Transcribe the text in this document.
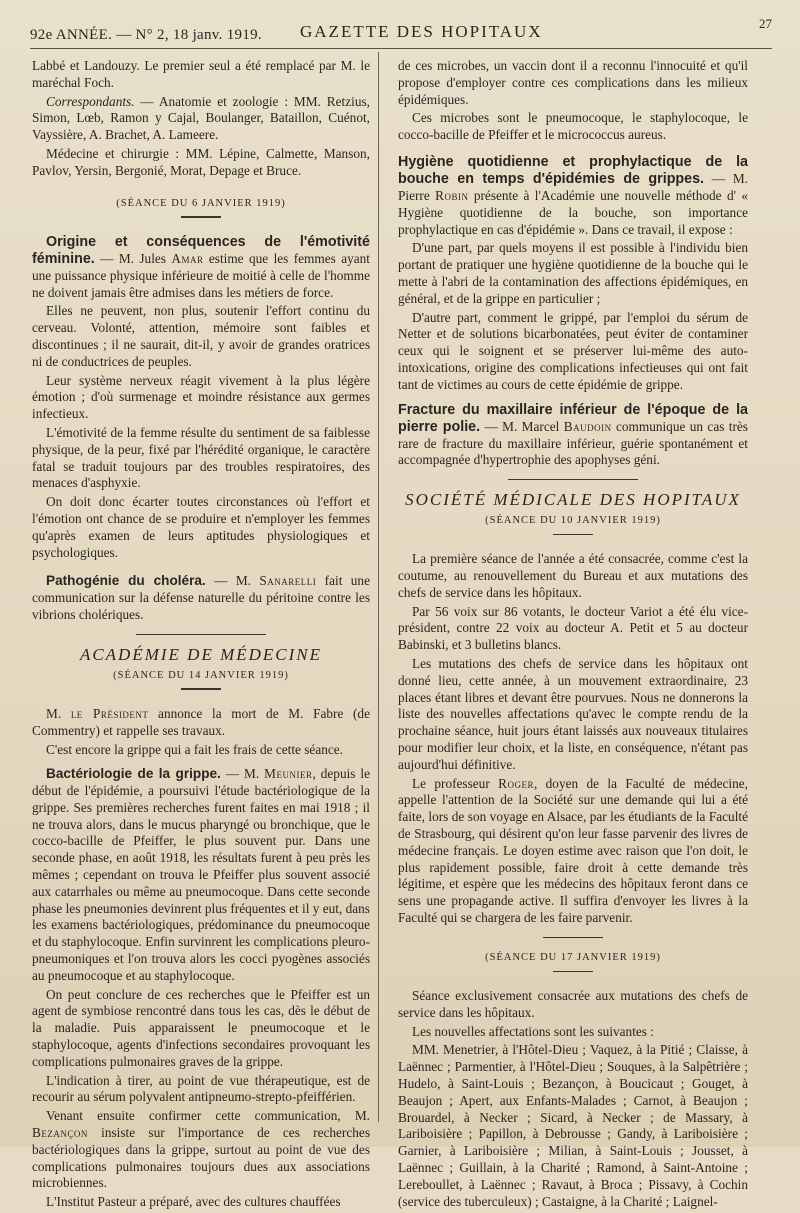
92e ANNÉE. — N° 2, 18 janv. 1919. GAZETTE DES HOPITAUX	27

Labbé et Landouzy. Le premier seul a été remplacé par M. le maréchal Foch.

Correspondants. — Anatomie et zoologie : MM. Retzius, Simon, Lœb, Ramon y Cajal, Boulanger, Bataillon, Cuénot, Vayssière, A. Brachet, A. Lameere.

Médecine et chirurgie : MM. Lépine, Calmette, Manson, Pavlov, Yersin, Bergonié, Morat, Depage et Bruce.

(SÉANCE DU 6 JANVIER 1919)

Origine et conséquences de l'émotivité féminine. — M. Jules Amar estime que les femmes ayant une puissance physique inférieure de moitié à celle de l'homme ne doivent jamais être admises dans les métiers de force.

Elles ne peuvent, non plus, soutenir l'effort continu du cerveau. Volonté, attention, mémoire sont faibles et discontinues ; il ne saurait, dit-il, y avoir de grandes oratrices ni de conductrices de peuples.

Leur système nerveux réagit vivement à la plus légère émotion ; d'où surmenage et moindre résistance aux germes infectieux.

L'émotivité de la femme résulte du sentiment de sa faiblesse physique, de la peur, fixé par l'hérédité organique, le caractère fatal se traduit toujours par des troubles respiratoires, des menaces d'asphyxie.

On doit donc écarter toutes circonstances où l'effort et l'émotion ont chance de se produire et n'employer les femmes qu'après examen de leurs aptitudes physiologiques et psychologiques.

Pathogénie du choléra. — M. Sanarelli fait une communication sur la défense naturelle du péritoine contre les vibrions cholériques.

ACADÉMIE DE MÉDECINE
(SÉANCE DU 14 JANVIER 1919)

M. le Président annonce la mort de M. Fabre (de Commentry) et rappelle ses travaux.

C'est encore la grippe qui a fait les frais de cette séance.

Bactériologie de la grippe. — M. Meunier, depuis le début de l'épidémie, a poursuivi l'étude bactériologique de la grippe. Ses premières recherches furent faites en mai 1918 ; il ne trouva alors, dans le mucus pharyngé ou bronchique, que le cocco-bacille de Pfeiffer, le plus souvent pur. Dans une seconde phase, en août 1918, les résultats furent à peu près les mêmes ; cependant on trouva le Pfeiffer plus souvent associé aux catarrhales ou même au pneumocoque. Dans cette seconde phase les pneumonies devinrent plus fréquentes et il y eut, dans les examens bactériologiques, prédominance du pneumocoque et du staphylocoque. Enfin survinrent les complications pleuro-pneumoniques et l'on trouva alors les cocci pyogènes associés au pneumocoque et au staphylocoque.

On peut conclure de ces recherches que le Pfeiffer est un agent de symbiose rencontré dans tous les cas, dès le début de la maladie. Puis apparaissent le pneumocoque et le staphylocoque, agents d'infections secondaires provoquant les complications pulmonaires graves de la grippe.

L'indication à tirer, au point de vue thérapeutique, est de recourir au sérum polyvalent antipneumo-strepto-pfeifférien.

Venant ensuite confirmer cette communication, M. Bezançon insiste sur l'importance de ces recherches bactériologiques dans la grippe, surtout au point de vue des complications pulmonaires toujours dues aux associations microbiennes.

L'Institut Pasteur a préparé, avec des cultures chauffées

de ces microbes, un vaccin dont il a reconnu l'innocuité et qu'il propose d'employer contre ces complications dans les milieux épidémiques.

Ces microbes sont le pneumocoque, le staphylocoque, le cocco-bacille de Pfeiffer et le micrococcus aureus.

Hygiène quotidienne et prophylactique de la bouche en temps d'épidémies de grippes. — M. Pierre Robin présente à l'Académie une nouvelle méthode d' « Hygiène quotidienne de la bouche, son importance prophylactique en cas d'épidémie ». Dans ce travail, il expose :

D'une part, par quels moyens il est possible à l'individu bien portant de pratiquer une hygiène quotidienne de la bouche qui le mette à l'abri de la contamination des affections épidémiques, en général, et de la grippe en particulier ;

D'autre part, comment le grippé, par l'emploi du sérum de Netter et de solutions bicarbonatées, peut éviter de contaminer ceux qui le soignent et se préserver lui-même des auto-intoxications, origine des complications infectieuses qui ont fait tant de victimes au cours de cette épidémie de grippe.

Fracture du maxillaire inférieur de l'époque de la pierre polie. — M. Marcel Baudoin communique un cas très rare de fracture du maxillaire inférieur, guérie spontanément et accompagnée d'hypertrophie des apophyses géni.

SOCIÉTÉ MÉDICALE DES HOPITAUX
(SÉANCE DU 10 JANVIER 1919)

La première séance de l'année a été consacrée, comme c'est la coutume, au renouvellement du Bureau et aux mutations des chefs de service dans les hôpitaux.

Par 56 voix sur 86 votants, le docteur Variot a été élu vice-président, contre 22 voix au docteur A. Petit et 5 au docteur Babinski, et 3 bulletins blancs.

Les mutations des chefs de service dans les hôpitaux ont donné lieu, cette année, à un mouvement extraordinaire, 23 places étant libres et devant être pourvues. Nous ne donnerons la liste des nouvelles affectations qu'avec le compte rendu de la prochaine séance, huit jours étant laissés aux nouveaux titulaires pour modifier leur choix, et la liste, en conséquence, n'étant pas aujourd'hui définitive.

Le professeur Roger, doyen de la Faculté de médecine, appelle l'attention de la Société sur une demande qui lui a été faite, lors de son voyage en Alsace, par les étudiants de la Faculté de Strasbourg, qui désirent qu'on leur fasse parvenir des livres de médecine français. Le doyen estime avec raison que l'on doit, le plus rapidement possible, faire droit à cette demande très légitime, et espère que les médecins des hôpitaux feront dans ce sens une propagande active. Il suffira d'envoyer les livres à la Faculté qui se chargera de les faire parvenir.

(SÉANCE DU 17 JANVIER 1919)

Séance exclusivement consacrée aux mutations des chefs de service dans les hôpitaux.

Les nouvelles affectations sont les suivantes :

MM. Menetrier, à l'Hôtel-Dieu ; Vaquez, à la Pitié ; Claisse, à Laënnec ; Parmentier, à l'Hôtel-Dieu ; Souques, à la Salpêtrière ; Hudelo, à Saint-Louis ; Bezançon, à Boucicaut ; Gouget, à Beaujon ; Apert, aux Enfants-Malades ; Carnot, à Beaujon ; Brouardel, à Necker ; Sicard, à Necker ; de Massary, à Lariboisière ; Papillon, à Debrousse ; Gandy, à Lariboisière ; Garnier, à Lariboisière ; Milian, à Saint-Louis ; Jousset, à Laënnec ; Guillain, à la Charité ; Ramond, à Saint-Antoine ; Lereboullet, à Laënnec ; Ravaut, à Broca ; Pissavy, à Cochin (service des tuberculeux) ; Castaigne, à la Charité ; Laignel-
